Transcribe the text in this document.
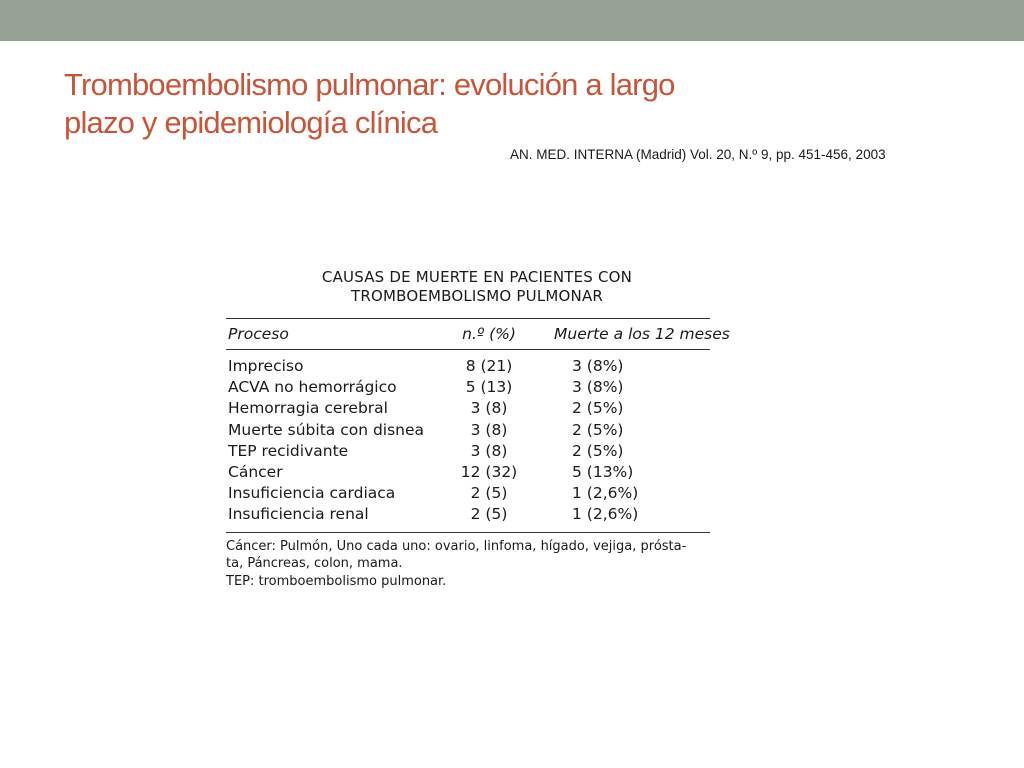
Tromboembolismo pulmonar: evolución a largo
plazo y epidemiología clínica
AN. MED. INTERNA (Madrid) Vol. 20, N.º 9, pp. 451-456, 2003
CAUSAS DE MUERTE EN PACIENTES CON
TROMBOEMBOLISMO PULMONAR
Proceso	n.º (%)	Muerte a los 12 meses
Impreciso	8 (21)	3 (8%)
ACVA no hemorrágico	5 (13)	3 (8%)
Hemorragia cerebral	3 (8)	2 (5%)
Muerte súbita con disnea	3 (8)	2 (5%)
TEP recidivante	3 (8)	2 (5%)
Cáncer	12 (32)	5 (13%)
Insuficiencia cardiaca	2 (5)	1 (2,6%)
Insuficiencia renal	2 (5)	1 (2,6%)
Cáncer: Pulmón, Uno cada uno: ovario, linfoma, hígado, vejiga, prósta-
ta, Páncreas, colon, mama.
TEP: tromboembolismo pulmonar.
